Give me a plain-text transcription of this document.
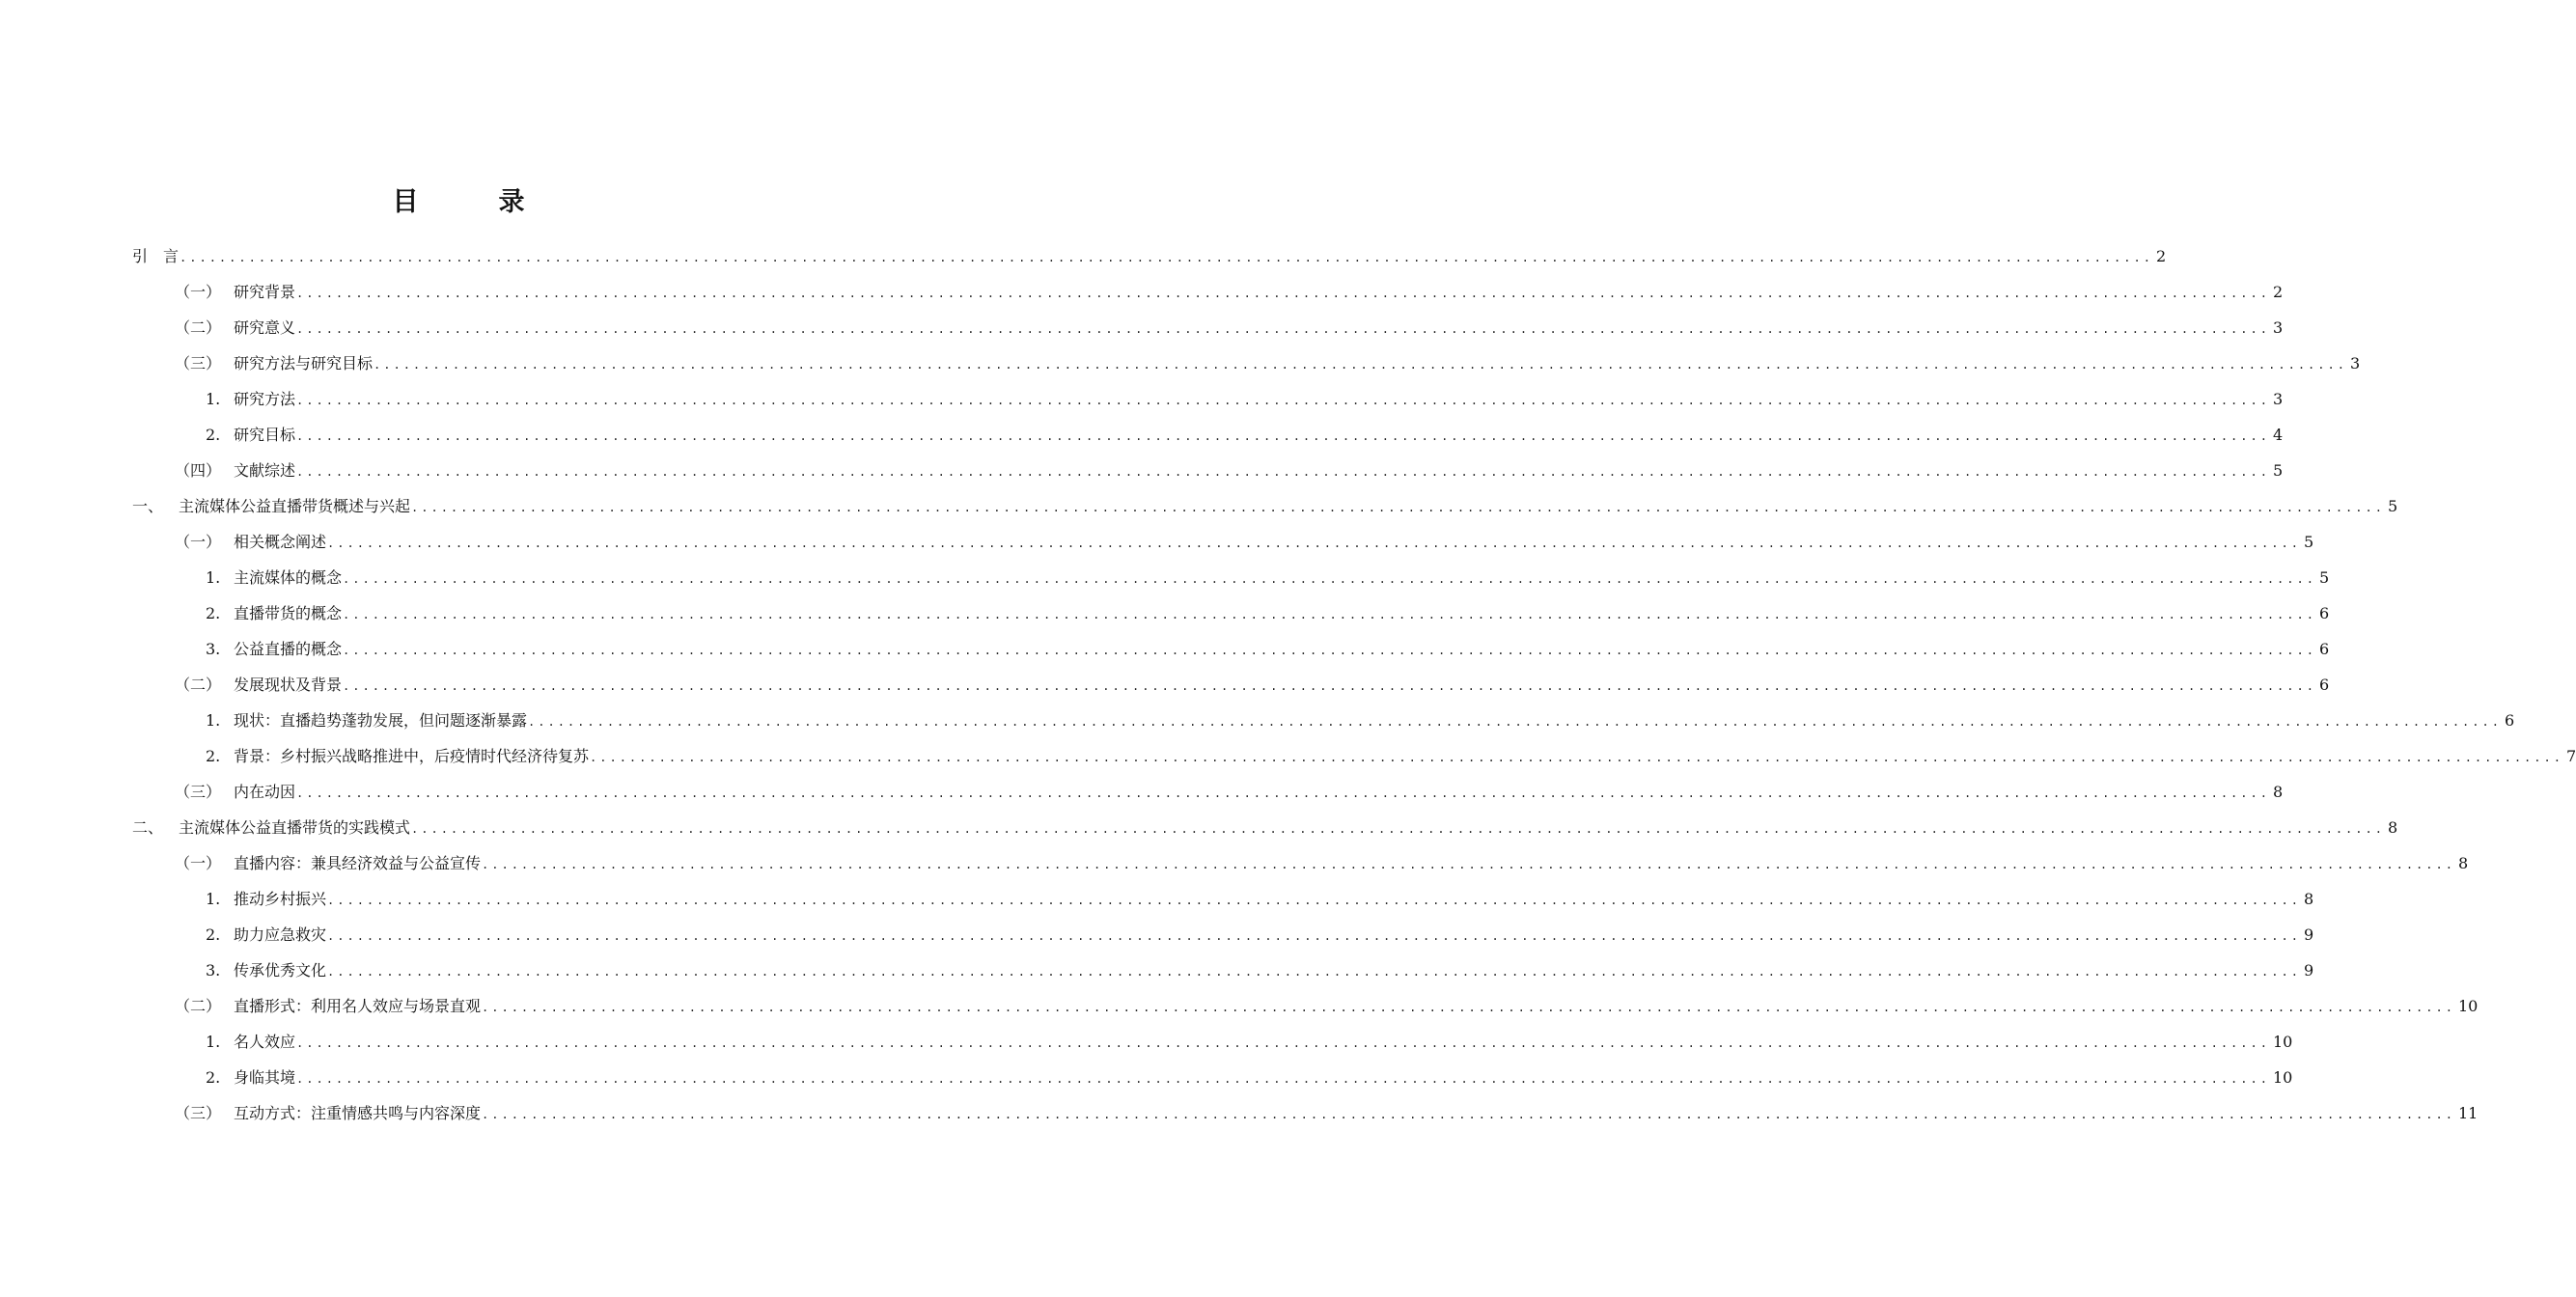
目　录
引　言 ........................................................................................................................................................................................................ 2
（一） 研究背景 ........................................................................................................................................................................................................ 2
（二） 研究意义 ........................................................................................................................................................................................................ 3
（三） 研究方法与研究目标 ........................................................................................................................................................................................................ 3
1. 研究方法 ........................................................................................................................................................................................................ 3
2. 研究目标 ........................................................................................................................................................................................................ 4
（四） 文献综述 ........................................................................................................................................................................................................ 5
一、 主流媒体公益直播带货概述与兴起 ........................................................................................................................................................................................................ 5
（一） 相关概念阐述 ........................................................................................................................................................................................................ 5
1. 主流媒体的概念 ........................................................................................................................................................................................................ 5
2. 直播带货的概念 ........................................................................................................................................................................................................ 6
3. 公益直播的概念 ........................................................................................................................................................................................................ 6
（二） 发展现状及背景 ........................................................................................................................................................................................................ 6
1. 现状：直播趋势蓬勃发展，但问题逐渐暴露 ........................................................................................................................................................................................................ 6
2. 背景：乡村振兴战略推进中，后疫情时代经济待复苏 ........................................................................................................................................................................................................ 7
（三） 内在动因 ........................................................................................................................................................................................................ 8
二、 主流媒体公益直播带货的实践模式 ........................................................................................................................................................................................................ 8
（一） 直播内容：兼具经济效益与公益宣传 ........................................................................................................................................................................................................ 8
1. 推动乡村振兴 ........................................................................................................................................................................................................ 8
2. 助力应急救灾 ........................................................................................................................................................................................................ 9
3. 传承优秀文化 ........................................................................................................................................................................................................ 9
（二） 直播形式：利用名人效应与场景直观 ........................................................................................................................................................................................................ 10
1. 名人效应 ........................................................................................................................................................................................................ 10
2. 身临其境 ........................................................................................................................................................................................................ 10
（三） 互动方式：注重情感共鸣与内容深度 ........................................................................................................................................................................................................ 11
